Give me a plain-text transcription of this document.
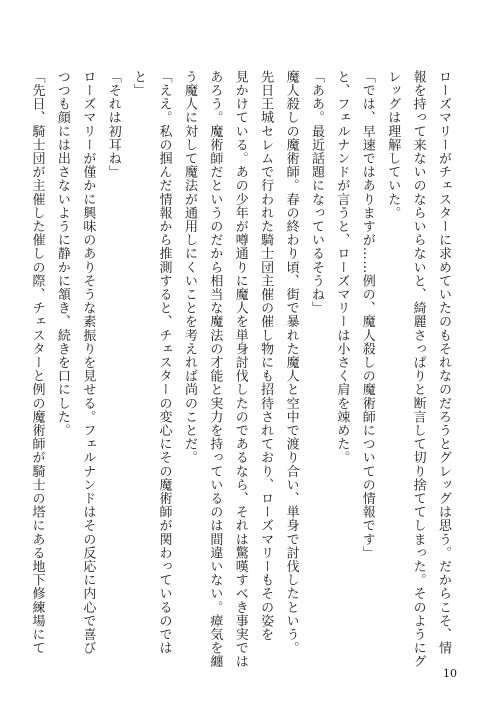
ローズマリーがチェスターに求めていたのもそれなのだろうとグレッグは思う。だからこそ、情
報を持って来ないのならいらないと、綺麗さっぱりと断言して切り捨ててしまった。そのようにグ
レッグは理解していた。
「では、早速ではありますが……例の、魔人殺しの魔術師についての情報です」
と、フェルナンドが言うと、ローズマリーは小さく肩を竦めた。
「ああ。最近話題になっているそうね」
魔人殺しの魔術師。春の終わり頃、街で暴れた魔人と空中で渡り合い、単身で討伐したという。
先日王城セレムで行われた騎士団主催の催し物にも招待されており、ローズマリーもその姿を
見かけている。あの少年が噂通りに魔人を単身討伐したのであるなら、それは驚嘆すべき事実では
あろう。魔術師だというのだから相当な魔法の才能と実力を持っているのは間違いない。瘴気を纏
う魔人に対して魔法が通用しにくいことを考えれば尚のことだ。
「ええ。私の掴んだ情報から推測すると、チェスターの変心にその魔術師が関わっているのでは
と」
「それは初耳ね」
ローズマリーが僅かに興味のありそうな素振りを見せる。フェルナンドはその反応に内心で喜び
つつも顔には出さないように静かに頷き、続きを口にした。
「先日、騎士団が主催した催しの際、チェスターと例の魔術師が騎士の塔にある地下修練場にて
10
